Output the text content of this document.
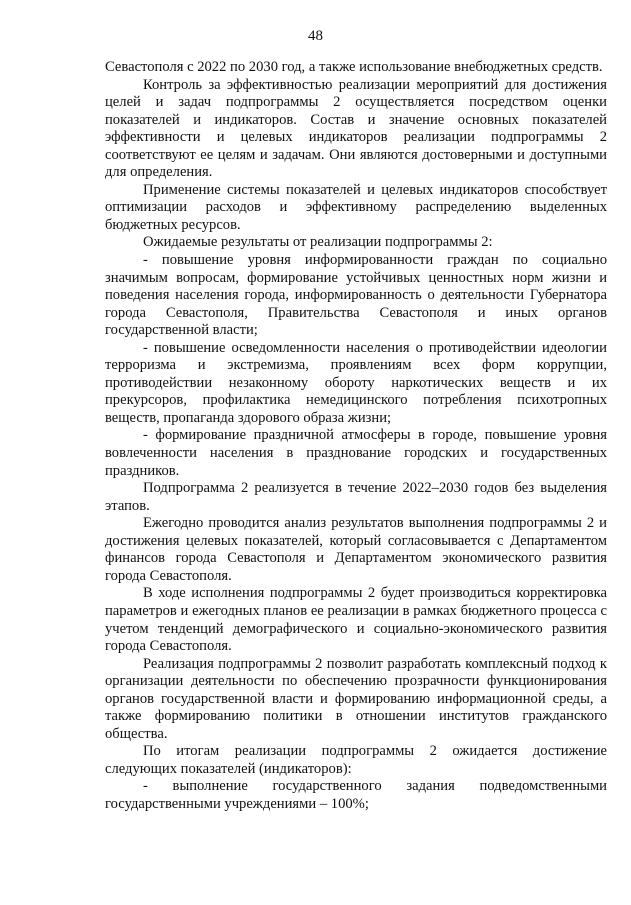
48

Севастополя с 2022 по 2030 год, а также использование внебюджетных средств.

Контроль за эффективностью реализации мероприятий для достижения целей и задач подпрограммы 2 осуществляется посредством оценки показателей и индикаторов. Состав и значение основных показателей эффективности и целевых индикаторов реализации подпрограммы 2 соответствуют ее целям и задачам. Они являются достоверными и доступными для определения.

Применение системы показателей и целевых индикаторов способствует оптимизации расходов и эффективному распределению выделенных бюджетных ресурсов.

Ожидаемые результаты от реализации подпрограммы 2:

- повышение уровня информированности граждан по социально значимым вопросам, формирование устойчивых ценностных норм жизни и поведения населения города, информированность о деятельности Губернатора города Севастополя, Правительства Севастополя и иных органов государственной власти;

- повышение осведомленности населения о противодействии идеологии терроризма и экстремизма, проявлениям всех форм коррупции, противодействии незаконному обороту наркотических веществ и их прекурсоров, профилактика немедицинского потребления психотропных веществ, пропаганда здорового образа жизни;

- формирование праздничной атмосферы в городе, повышение уровня вовлеченности населения в празднование городских и государственных праздников.

Подпрограмма 2 реализуется в течение 2022–2030 годов без выделения этапов.

Ежегодно проводится анализ результатов выполнения подпрограммы 2 и достижения целевых показателей, который согласовывается с Департаментом финансов города Севастополя и Департаментом экономического развития города Севастополя.

В ходе исполнения подпрограммы 2 будет производиться корректировка параметров и ежегодных планов ее реализации в рамках бюджетного процесса с учетом тенденций демографического и социально-экономического развития города Севастополя.

Реализация подпрограммы 2 позволит разработать комплексный подход к организации деятельности по обеспечению прозрачности функционирования органов государственной власти и формированию информационной среды, а также формированию политики в отношении институтов гражданского общества.

По итогам реализации подпрограммы 2 ожидается достижение следующих показателей (индикаторов):

- выполнение государственного задания подведомственными государственными учреждениями – 100%;
